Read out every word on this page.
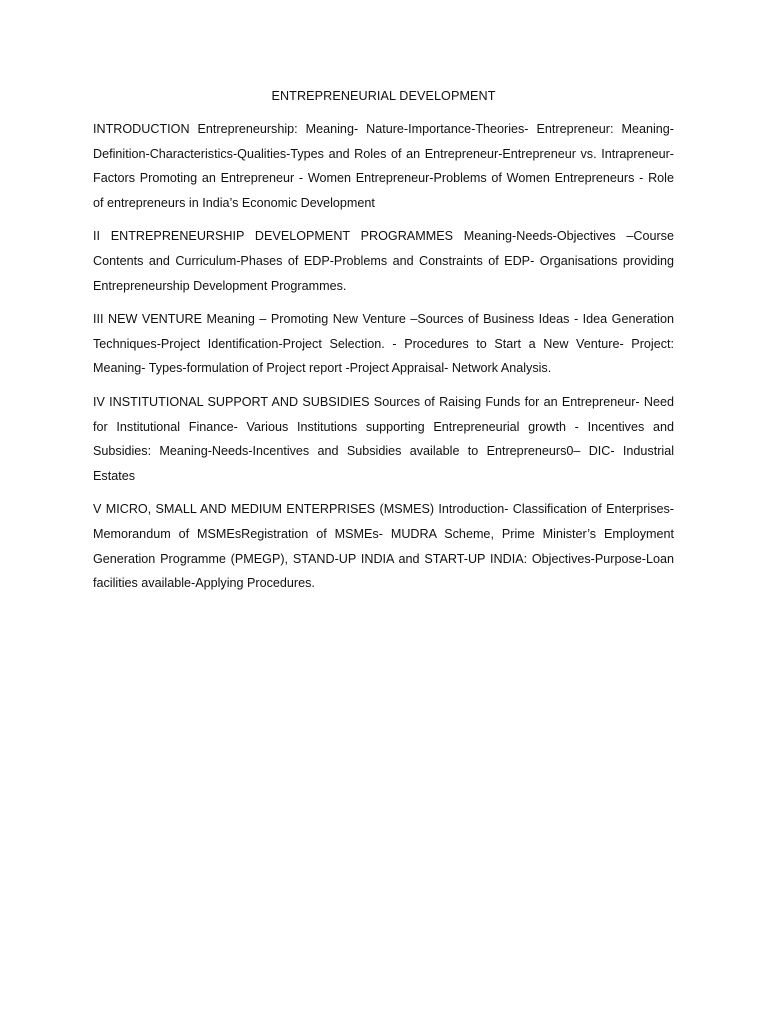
ENTREPRENEURIAL DEVELOPMENT

INTRODUCTION Entrepreneurship: Meaning- Nature-Importance-Theories- Entrepreneur: Meaning-Definition-Characteristics-Qualities-Types and Roles of an Entrepreneur-Entrepreneur vs. Intrapreneur-Factors Promoting an Entrepreneur - Women Entrepreneur-Problems of Women Entrepreneurs - Role of entrepreneurs in India’s Economic Development

II ENTREPRENEURSHIP DEVELOPMENT PROGRAMMES Meaning-Needs-Objectives –Course Contents and Curriculum-Phases of EDP-Problems and Constraints of EDP- Organisations providing Entrepreneurship Development Programmes.

III NEW VENTURE Meaning – Promoting New Venture –Sources of Business Ideas - Idea Generation Techniques-Project Identification-Project Selection. - Procedures to Start a New Venture- Project: Meaning- Types-formulation of Project report -Project Appraisal- Network Analysis.

IV INSTITUTIONAL SUPPORT AND SUBSIDIES Sources of Raising Funds for an Entrepreneur- Need for Institutional Finance- Various Institutions supporting Entrepreneurial growth - Incentives and Subsidies: Meaning-Needs-Incentives and Subsidies available to Entrepreneurs0– DIC- Industrial Estates

V MICRO, SMALL AND MEDIUM ENTERPRISES (MSMES) Introduction- Classification of Enterprises-Memorandum of MSMEsRegistration of MSMEs- MUDRA Scheme, Prime Minister’s Employment Generation Programme (PMEGP), STAND-UP INDIA and START-UP INDIA: Objectives-Purpose-Loan facilities available-Applying Procedures.
